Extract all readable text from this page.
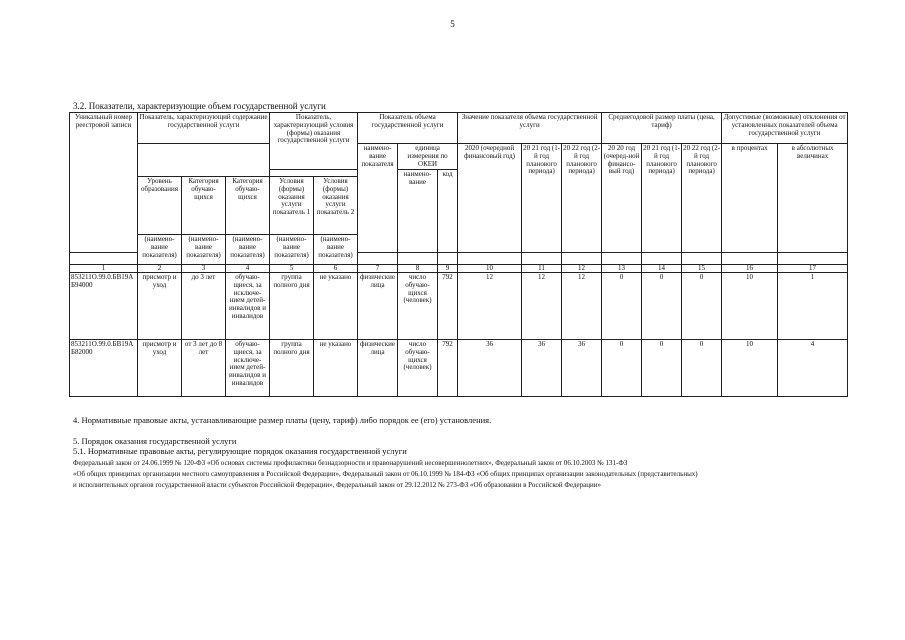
5
3.2. Показатели, характеризующие объем государственной услуги
Уникальный номер реестровой записи	Показатель, характеризующий содержание государственной услуги	Показатель, характеризующий условия (формы) оказания государственной услуги	Показатель объема государственной услуги			Значение показателя объема государственной услуги			Среднегодовой размер платы (цена, тариф)			Допустимые (возможные) отклонения от установленных показателей объема государственной услуги	
			наимено-вание показателя	единица измерения по ОКЕИ		2020 (очередной финансовый год)	20 21 год (1-й год планового периода)	20 22 год (2-й год планового периода)	20 20 год (очеред-ной финансо-вый год)	20 21 год (1-й год планового периода)	20 22 год (2-й год планового периода)	в процентах	в абсолютных величинах
				наимено-вание	код								

	Уровень образования	Категория обучаю-щихся	Категория обучаю-щихся	Условия (формы) оказания услуги показатель 1	Условия (формы) оказания услуги показатель 2											
	(наимено-вание показателя)	(наимено-вание показателя)	(наимено-вание показателя)	(наимено-вание показателя)	(наимено-вание показателя)											
1	2	3	4	5	6	7	8	9	10	11	12	13	14	15	16	17
853211О.99.0.БВ19АБ94000	присмотр и уход	до 3 лет	обучаю-щиеся, за исключе-нием детей-инвалидов и инвалидов	группа полного дня	не указано	физические лица	число обучаю-щихся (человек)	792	12	12	12	0	0	0	10	1
853211О.99.0.БВ19АБ82000	присмотр и уход	от 3 лет до 8 лет	обучаю-щиеся, за исключе-нием детей-инвалидов и инвалидов	группа полного дня	не указано	физические лица	число обучаю-щихся (человек)	792	36	36	36	0	0	0	10	4
4. Нормативные правовые акты, устанавливающие размер платы (цену, тариф) либо порядок ее (его) установления.
5. Порядок оказания государственной услуги
5.1. Нормативные правовые акты, регулирующие порядок оказания государственной услуги
Федеральный закон от 24.06.1999 № 120-ФЗ «Об основах системы профилактики безнадзорности и правонарушений несовершеннолетних», Федеральный закон от 06.10.2003 № 131-ФЗ
«Об общих принципах организации местного самоуправления в Российской Федерации», Федеральный закон от 06.10.1999 № 184-ФЗ «Об общих принципах организации законодательных (представительных)
и исполнительных органов государственной власти субъектов Российской Федерации», Федеральный закон от 29.12.2012 № 273-ФЗ «Об образовании в Российской Федерации»
